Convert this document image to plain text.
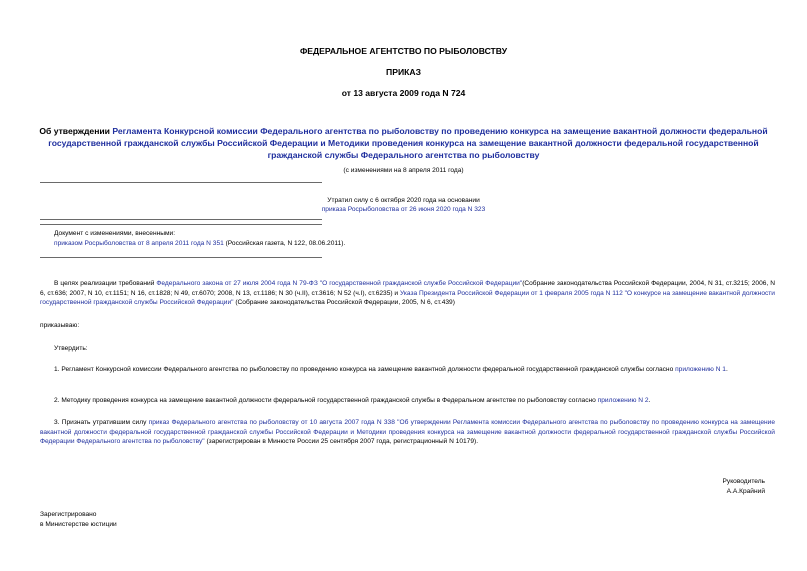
ФЕДЕРАЛЬНОЕ АГЕНТСТВО ПО РЫБОЛОВСТВУ
ПРИКАЗ
от 13 августа 2009 года N 724
Об утверждении Регламента Конкурсной комиссии Федерального агентства по рыболовству по проведению конкурса на замещение вакантной должности федеральной государственной гражданской службы Российской Федерации и Методики проведения конкурса на замещение вакантной должности федеральной государственной гражданской службы Федерального агентства по рыболовству
(с изменениями на 8 апреля 2011 года)
Утратил силу с 6 октября 2020 года на основании
приказа Росрыболовства от 26 июня 2020 года N 323
Документ с изменениями, внесенными:
приказом Росрыболовства от 8 апреля 2011 года N 351 (Российская газета, N 122, 08.06.2011).
В целях реализации требований Федерального закона от 27 июля 2004 года N 79-ФЗ "О государственной гражданской службе Российской Федерации"(Собрание законодательства Российской Федерации, 2004, N 31, ст.3215; 2006, N 6, ст.636; 2007, N 10, ст.1151; N 16, ст.1828; N 49, ст.6070; 2008, N 13, ст.1186; N 30 (ч.II), ст.3616; N 52 (ч.I), ст.6235) и Указа Президента Российской Федерации от 1 февраля 2005 года N 112 "О конкурсе на замещение вакантной должности государственной гражданской службы Российской Федерации" (Собрание законодательства Российской Федерации, 2005, N 6, ст.439)
приказываю:
Утвердить:
1. Регламент Конкурсной комиссии Федерального агентства по рыболовству по проведению конкурса на замещение вакантной должности федеральной государственной гражданской службы согласно приложению N 1.
2. Методику проведения конкурса на замещение вакантной должности федеральной государственной гражданской службы в Федеральном агентстве по рыболовству согласно приложению N 2.
3. Признать утратившим силу приказ Федерального агентства по рыболовству от 10 августа 2007 года N 338 "Об утверждении Регламента комиссии Федерального агентства по рыболовству по проведению конкурса на замещение вакантной должности федеральной государственной гражданской службы Российской Федерации и Методики проведения конкурса на замещение вакантной должности федеральной государственной гражданской службы Российской Федерации Федерального агентства по рыболовству" (зарегистрирован в Минюсте России 25 сентября 2007 года, регистрационный N 10179).
Руководитель
А.А.Крайний
Зарегистрировано
в Министерстве юстиции
